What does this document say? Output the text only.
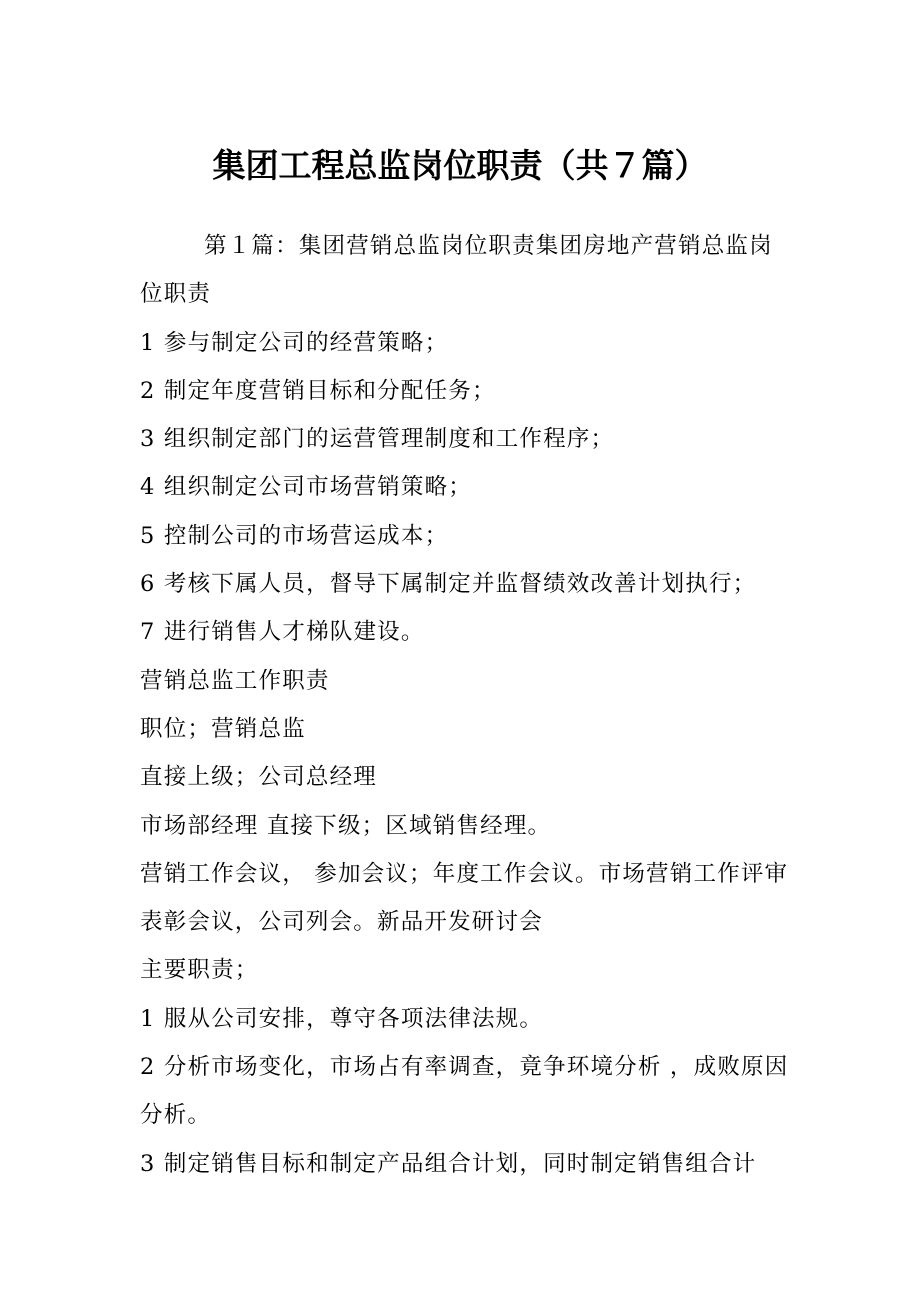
集团工程总监岗位职责（共７篇）

第１篇：集团营销总监岗位职责集团房地产营销总监岗位职责

1 参与制定公司的经营策略；

2 制定年度营销目标和分配任务；

3 组织制定部门的运营管理制度和工作程序；

4 组织制定公司市场营销策略；

5 控制公司的市场营运成本；

6 考核下属人员，督导下属制定并监督绩效改善计划执行；

7 进行销售人才梯队建设。

营销总监工作职责

职位；营销总监

直接上级；公司总经理

市场部经理 直接下级；区域销售经理。

营销工作会议， 参加会议；年度工作会议。市场营销工作评审表彰会议，公司列会。新品开发研讨会

主要职责；

1 服从公司安排，尊守各项法律法规。

2 分析市场变化，市场占有率调查，竟争环境分析 ，成败原因分析。

3 制定销售目标和制定产品组合计划，同时制定销售组合计
